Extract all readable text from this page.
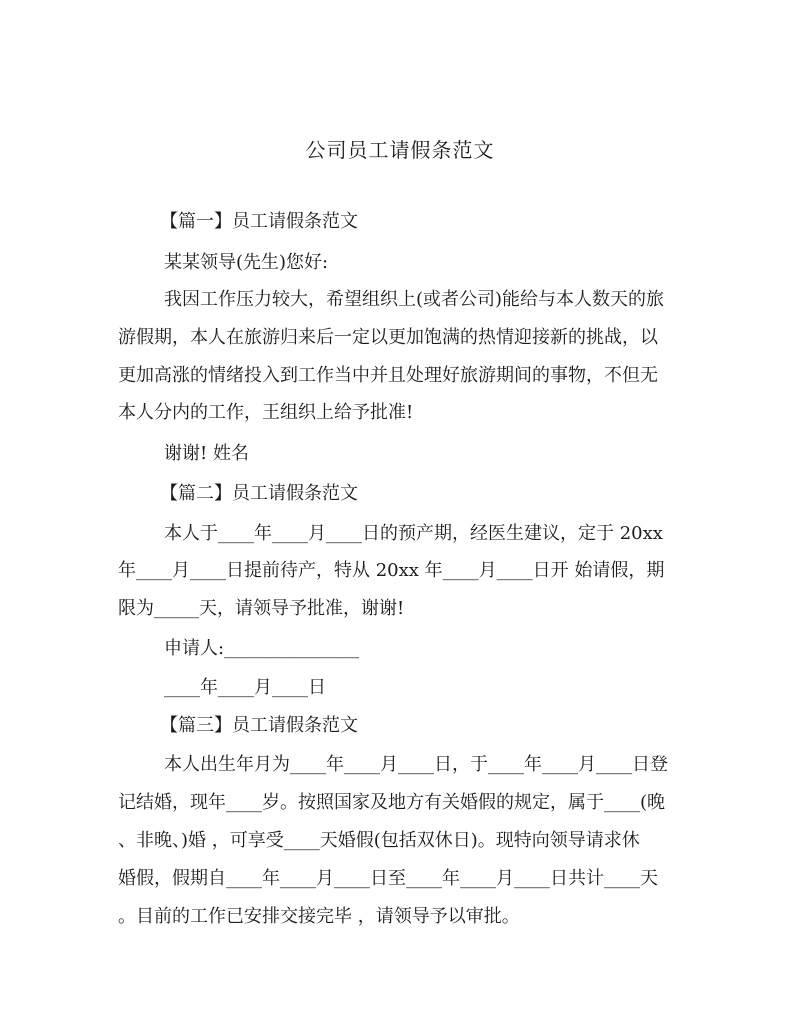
公司员工请假条范文
【篇一】员工请假条范文
某某领导(先生)您好:
我因工作压力较大，希望组织上(或者公司)能给与本人数天的旅
游假期，本人在旅游归来后一定以更加饱满的热情迎接新的挑战，以
更加高涨的情绪投入到工作当中并且处理好旅游期间的事物，不但无
本人分内的工作，王组织上给予批准!
谢谢! 姓名
【篇二】员工请假条范文
本人于____年____月____日的预产期，经医生建议，定于 20xx
年____月____日提前待产，特从 20xx 年____月____日开 始请假，期
限为_____天，请领导予批准，谢谢!
申请人:_______________
____年____月____日
【篇三】员工请假条范文
本人出生年月为____年____月____日，于____年____月____日登
记结婚，现年____岁。按照国家及地方有关婚假的规定，属于____(晚
、非晚、)婚 ，可享受____天婚假(包括双休日)。现特向领导请求休
婚假，假期自____年____月____日至____年____月____日共计____天
。目前的工作已安排交接完毕 ，请领导予以审批。
